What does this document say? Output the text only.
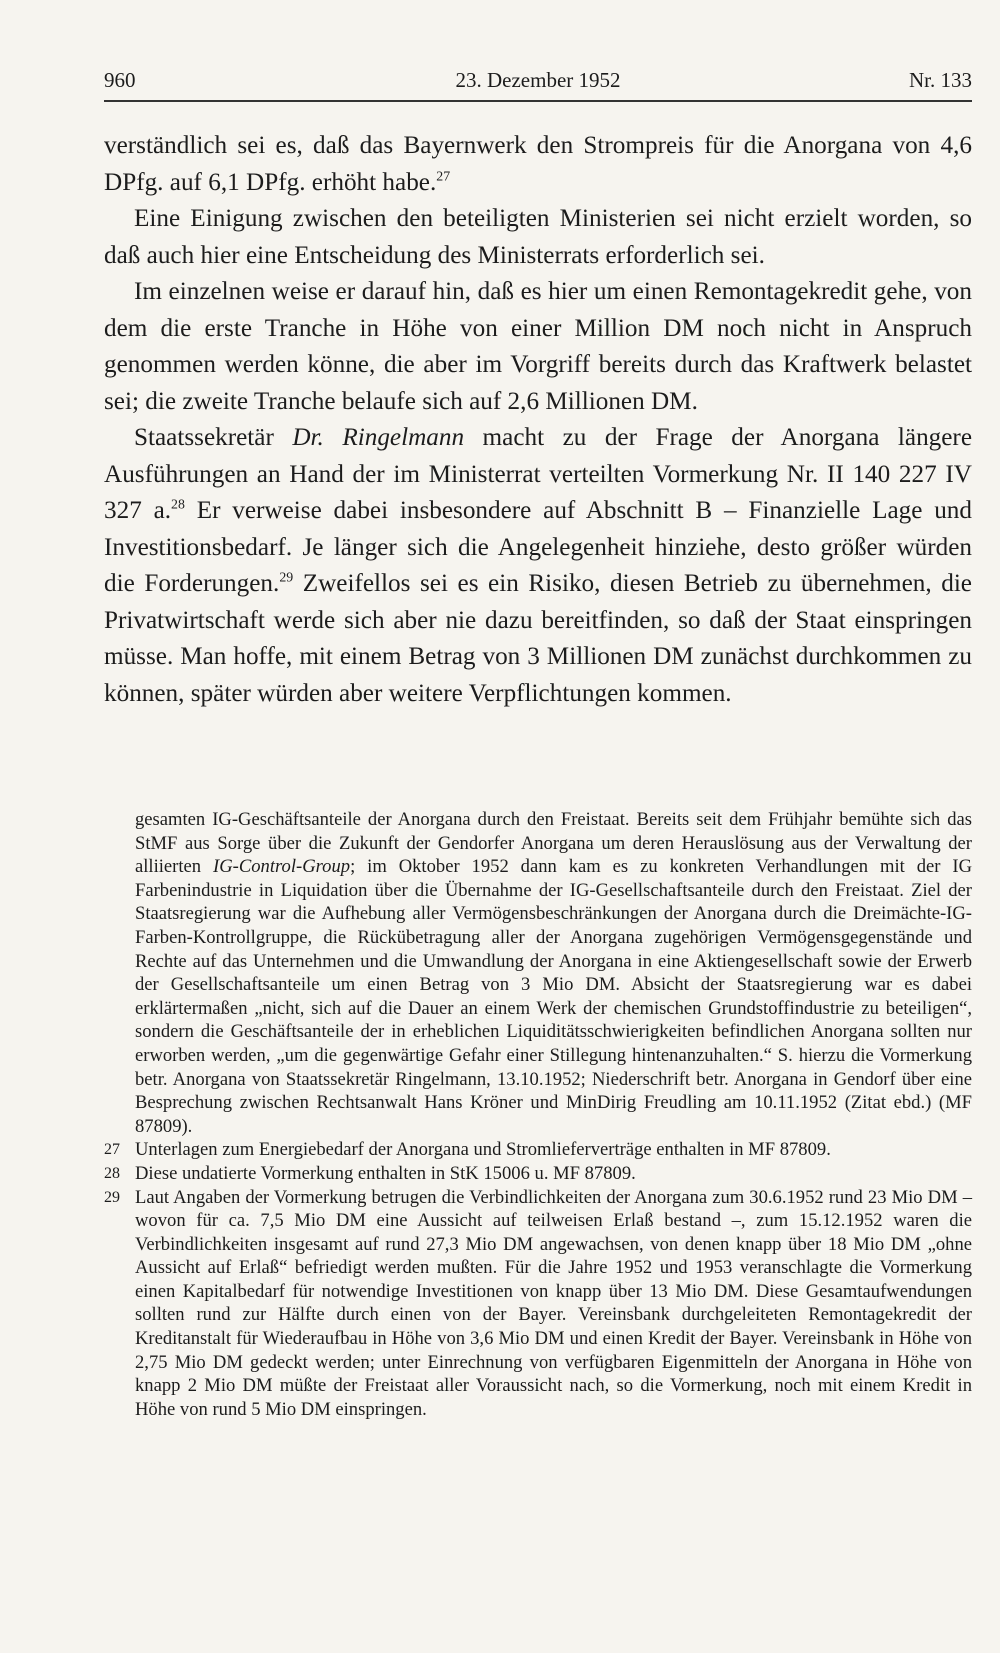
960	23. Dezember 1952	Nr. 133

verständlich sei es, daß das Bayernwerk den Strompreis für die Anorgana von 4,6 DPfg. auf 6,1 DPfg. erhöht habe.$^{27}$

Eine Einigung zwischen den beteiligten Ministerien sei nicht erzielt worden, so daß auch hier eine Entscheidung des Ministerrats erforderlich sei.

Im einzelnen weise er darauf hin, daß es hier um einen Remontagekredit gehe, von dem die erste Tranche in Höhe von einer Million DM noch nicht in Anspruch genommen werden könne, die aber im Vorgriff bereits durch das Kraftwerk belastet sei; die zweite Tranche belaufe sich auf 2,6 Millionen DM.

Staatssekretär Dr. Ringelmann macht zu der Frage der Anorgana längere Ausführungen an Hand der im Ministerrat verteilten Vormerkung Nr. II 140 227 IV 327 a.$^{28}$ Er verweise dabei insbesondere auf Abschnitt B – Finanzielle Lage und Investitionsbedarf. Je länger sich die Angelegenheit hinziehe, desto größer würden die Forderungen.$^{29}$ Zweifellos sei es ein Risiko, diesen Betrieb zu übernehmen, die Privatwirtschaft werde sich aber nie dazu bereitfinden, so daß der Staat einspringen müsse. Man hoffe, mit einem Betrag von 3 Millionen DM zunächst durchkommen zu können, später würden aber weitere Verpflichtungen kommen.

gesamten IG-Geschäftsanteile der Anorgana durch den Freistaat. Bereits seit dem Frühjahr bemühte sich das StMF aus Sorge über die Zukunft der Gendorfer Anorgana um deren Herauslösung aus der Verwaltung der alliierten IG-Control-Group; im Oktober 1952 dann kam es zu konkreten Verhandlungen mit der IG Farbenindustrie in Liquidation über die Übernahme der IG-Gesellschaftsanteile durch den Freistaat. Ziel der Staatsregierung war die Aufhebung aller Vermögensbeschränkungen der Anorgana durch die Dreimächte-IG-Farben-Kontrollgruppe, die Rückübetragung aller der Anorgana zugehörigen Vermögensgegenstände und Rechte auf das Unternehmen und die Umwandlung der Anorgana in eine Aktiengesellschaft sowie der Erwerb der Gesellschaftsanteile um einen Betrag von 3 Mio DM. Absicht der Staatsregierung war es dabei erklärtermaßen „nicht, sich auf die Dauer an einem Werk der chemischen Grundstoffindustrie zu beteiligen“, sondern die Geschäftsanteile der in erheblichen Liquiditätsschwierigkeiten befindlichen Anorgana sollten nur erworben werden, „um die gegenwärtige Gefahr einer Stillegung hintenanzuhalten.“ S. hierzu die Vormerkung betr. Anorgana von Staatssekretär Ringelmann, 13.10.1952; Niederschrift betr. Anorgana in Gendorf über eine Besprechung zwischen Rechtsanwalt Hans Kröner und MinDirig Freudling am 10.11.1952 (Zitat ebd.) (MF 87809).
27 Unterlagen zum Energiebedarf der Anorgana und Stromlieferverträge enthalten in MF 87809.
28 Diese undatierte Vormerkung enthalten in StK 15006 u. MF 87809.
29 Laut Angaben der Vormerkung betrugen die Verbindlichkeiten der Anorgana zum 30.6.1952 rund 23 Mio DM – wovon für ca. 7,5 Mio DM eine Aussicht auf teilweisen Erlaß bestand –, zum 15.12.1952 waren die Verbindlichkeiten insgesamt auf rund 27,3 Mio DM angewachsen, von denen knapp über 18 Mio DM „ohne Aussicht auf Erlaß“ befriedigt werden mußten. Für die Jahre 1952 und 1953 veranschlagte die Vormerkung einen Kapitalbedarf für notwendige Investitionen von knapp über 13 Mio DM. Diese Gesamtaufwendungen sollten rund zur Hälfte durch einen von der Bayer. Vereinsbank durchgeleiteten Remontagekredit der Kreditanstalt für Wiederaufbau in Höhe von 3,6 Mio DM und einen Kredit der Bayer. Vereinsbank in Höhe von 2,75 Mio DM gedeckt werden; unter Einrechnung von verfügbaren Eigenmitteln der Anorgana in Höhe von knapp 2 Mio DM müßte der Freistaat aller Voraussicht nach, so die Vormerkung, noch mit einem Kredit in Höhe von rund 5 Mio DM einspringen.
